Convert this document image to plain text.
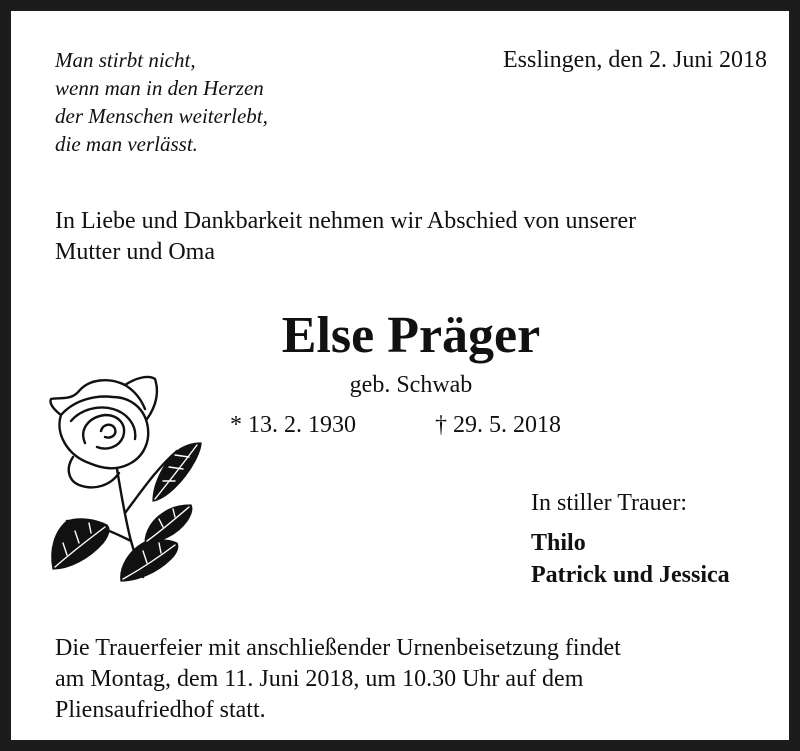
Man stirbt nicht,
wenn man in den Herzen
der Menschen weiterlebt,
die man verlässt.
Esslingen, den 2. Juni 2018
In Liebe und Dankbarkeit nehmen wir Abschied von unserer
Mutter und Oma
Else Präger
geb. Schwab
* 13. 2. 1930	† 29. 5. 2018
In stiller Trauer:
Thilo
Patrick und Jessica
Die Trauerfeier mit anschließender Urnenbeisetzung findet
am Montag, dem 11. Juni 2018, um 10.30 Uhr auf dem
Pliensaufriedhof statt.
